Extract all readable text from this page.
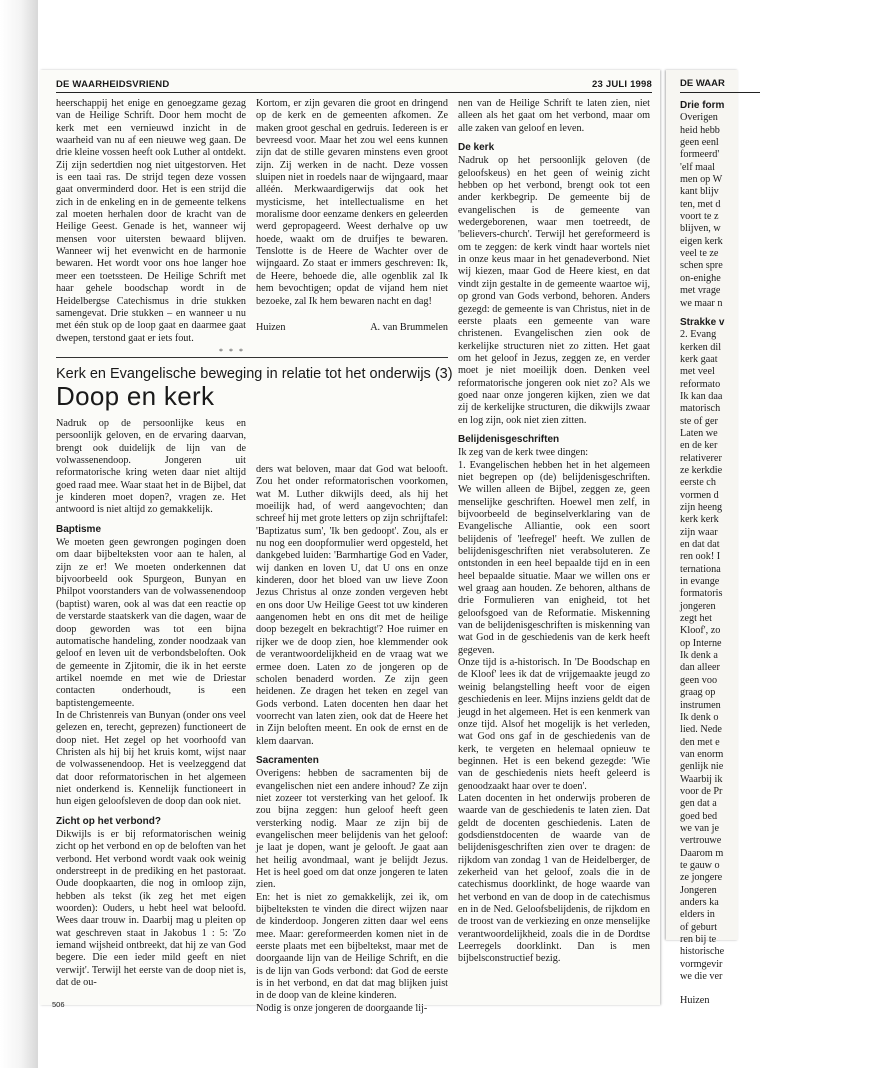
DE WAARHEIDSVRIEND	23 JULI 1998

heerschappij het enige en genoegzame gezag van de Heilige Schrift. Door hem mocht de kerk met een vernieuwd inzicht in de waarheid van nu af een nieuwe weg gaan. De drie kleine vossen heeft ook Luther al ontdekt. Zij zijn sedertdien nog niet uitgestorven. Het is een taai ras. De strijd tegen deze vossen gaat onverminderd door. Het is een strijd die zich in de enkeling en in de gemeente telkens zal moeten herhalen door de kracht van de Heilige Geest. Genade is het, wanneer wij mensen voor uitersten bewaard blijven. Wanneer wij het evenwicht en de harmonie bewaren. Het wordt voor ons hoe langer hoe meer een toetssteen. De Heilige Schrift met haar gehele boodschap wordt in de Heidelbergse Catechismus in drie stukken samengevat. Drie stukken – en wanneer u nu met één stuk op de loop gaat en daarmee gaat dwepen, terstond gaat er iets fout.

Kortom, er zijn gevaren die groot en dringend op de kerk en de gemeenten afkomen. Ze maken groot geschal en gedruis. Iedereen is er bevreesd voor. Maar het zou wel eens kunnen zijn dat de stille gevaren minstens even groot zijn. Zij werken in de nacht. Deze vossen sluipen niet in roedels naar de wijngaard, maar alléén. Merkwaardigerwijs dat ook het mysticisme, het intellectualisme en het moralisme door eenzame denkers en geleerden werd gepropageerd. Weest derhalve op uw hoede, waakt om de druifjes te bewaren. Tenslotte is de Heere de Wachter over de wijngaard. Zo staat er immers geschreven: Ik, de Heere, behoede die, alle ogenblik zal Ik hem bevochtigen; opdat de vijand hem niet bezoeke, zal Ik hem bewaren nacht en dag!

Huizen	A. van Brummelen
* * *
Kerk en Evangelische beweging in relatie tot het onderwijs (3)
Doop en kerk

Nadruk op de persoonlijke keus en persoonlijk geloven, en de ervaring daarvan, brengt ook duidelijk de lijn van de volwassenendoop. Jongeren uit reformatorische kring weten daar niet altijd goed raad mee. Waar staat het in de Bijbel, dat je kinderen moet dopen?, vragen ze. Het antwoord is niet altijd zo gemakkelijk.

Baptisme

We moeten geen gewrongen pogingen doen om daar bijbelteksten voor aan te halen, al zijn ze er! We moeten onderkennen dat bijvoorbeeld ook Spurgeon, Bunyan en Philpot voorstanders van de volwassenendoop (baptist) waren, ook al was dat een reactie op de verstarde staatskerk van die dagen, waar de doop geworden was tot een bijna automatische handeling, zonder noodzaak van geloof en leven uit de verbondsbeloften. Ook de gemeente in Zjitomir, die ik in het eerste artikel noemde en met wie de Driestar contacten onderhoudt, is een baptistengemeente.

In de Christenreis van Bunyan (onder ons veel gelezen en, terecht, geprezen) functioneert de doop niet. Het zegel op het voorhoofd van Christen als hij bij het kruis komt, wijst naar de volwassenendoop. Het is veelzeggend dat dat door reformatorischen in het algemeen niet onderkend is. Kennelijk functioneert in hun eigen geloofsleven de doop dan ook niet.

Zicht op het verbond?

Dikwijls is er bij reformatorischen weinig zicht op het verbond en op de beloften van het verbond. Het verbond wordt vaak ook weinig onderstreept in de prediking en het pastoraat. Oude doopkaarten, die nog in omloop zijn, hebben als tekst (ik zeg het met eigen woorden): Ouders, u hebt heel wat beloofd. Wees daar trouw in. Daarbij mag u pleiten op wat geschreven staat in Jakobus 1 : 5: 'Zo iemand wijsheid ontbreekt, dat hij ze van God begere. Die een ieder mild geeft en niet verwijt'. Terwijl het eerste van de doop niet is, dat de ou-

ders wat beloven, maar dat God wat belooft. Zou het onder reformatorischen voorkomen, wat M. Luther dikwijls deed, als hij het moeilijk had, of werd aangevochten; dan schreef hij met grote letters op zijn schrijftafel: 'Baptizatus sum', 'Ik ben gedoopt'. Zou, als er nu nog een doopformulier werd opgesteld, het dankgebed luiden: 'Barmhartige God en Vader, wij danken en loven U, dat U ons en onze kinderen, door het bloed van uw lieve Zoon Jezus Christus al onze zonden vergeven hebt en ons door Uw Heilige Geest tot uw kinderen aangenomen hebt en ons dit met de heilige doop bezegelt en bekrachtigt'? Hoe ruimer en rijker we de doop zien, hoe klemmender ook de verantwoordelijkheid en de vraag wat we ermee doen. Laten zo de jongeren op de scholen benaderd worden. Ze zijn geen heidenen. Ze dragen het teken en zegel van Gods verbond. Laten docenten hen daar het voorrecht van laten zien, ook dat de Heere het in Zijn beloften meent. En ook de ernst en de klem daarvan.

Sacramenten

Overigens: hebben de sacramenten bij de evangelischen niet een andere inhoud? Ze zijn niet zozeer tot versterking van het geloof. Ik zou bijna zeggen: hun geloof heeft geen versterking nodig. Maar ze zijn bij de evangelischen meer belijdenis van het geloof: je laat je dopen, want je gelooft. Je gaat aan het heilig avondmaal, want je belijdt Jezus. Het is heel goed om dat onze jongeren te laten zien.

En: het is niet zo gemakkelijk, zei ik, om bijbelteksten te vinden die direct wijzen naar de kinderdoop. Jongeren zitten daar wel eens mee. Maar: gereformeerden komen niet in de eerste plaats met een bijbeltekst, maar met de doorgaande lijn van de Heilige Schrift, en die is de lijn van Gods verbond: dat God de eerste is in het verbond, en dat dat mag blijken juist in de doop van de kleine kinderen.

Nodig is onze jongeren de doorgaande lij-

nen van de Heilige Schrift te laten zien, niet alleen als het gaat om het verbond, maar om alle zaken van geloof en leven.

De kerk

Nadruk op het persoonlijk geloven (de geloofskeus) en het geen of weinig zicht hebben op het verbond, brengt ook tot een ander kerkbegrip. De gemeente bij de evangelischen is de gemeente van wedergeborenen, waar men toetreedt, de 'believers-church'. Terwijl het gereformeerd is om te zeggen: de kerk vindt haar wortels niet in onze keus maar in het genadeverbond. Niet wij kiezen, maar God de Heere kiest, en dat vindt zijn gestalte in de gemeente waartoe wij, op grond van Gods verbond, behoren. Anders gezegd: de gemeente is van Christus, niet in de eerste plaats een gemeente van ware christenen. Evangelischen zien ook de kerkelijke structuren niet zo zitten. Het gaat om het geloof in Jezus, zeggen ze, en verder moet je niet moeilijk doen. Denken veel reformatorische jongeren ook niet zo? Als we goed naar onze jongeren kijken, zien we dat zij de kerkelijke structuren, die dikwijls zwaar en log zijn, ook niet zien zitten.

Belijdenisgeschriften

Ik zeg van de kerk twee dingen:

1. Evangelischen hebben het in het algemeen niet begrepen op (de) belijdenisgeschriften. We willen alleen de Bijbel, zeggen ze, geen menselijke geschriften. Hoewel men zelf, in bijvoorbeeld de beginselverklaring van de Evangelische Alliantie, ook een soort belijdenis of 'leefregel' heeft. We zullen de belijdenisgeschriften niet verabsoluteren. Ze ontstonden in een heel bepaalde tijd en in een heel bepaalde situatie. Maar we willen ons er wel graag aan houden. Ze behoren, althans de drie Formulieren van enigheid, tot het geloofsgoed van de Reformatie. Miskenning van de belijdenisgeschriften is miskenning van wat God in de geschiedenis van de kerk heeft gegeven.

Onze tijd is a-historisch. In 'De Boodschap en de Kloof' lees ik dat de vrijgemaakte jeugd zo weinig belangstelling heeft voor de eigen geschiedenis en leer. Mijns inziens geldt dat de jeugd in het algemeen. Het is een kenmerk van onze tijd. Alsof het mogelijk is het verleden, wat God ons gaf in de geschiedenis van de kerk, te vergeten en helemaal opnieuw te beginnen. Het is een bekend gezegde: 'Wie van de geschiedenis niets heeft geleerd is genoodzaakt haar over te doen'.

Laten docenten in het onderwijs proberen de waarde van de geschiedenis te laten zien. Dat geldt de docenten geschiedenis. Laten de godsdienstdocenten de waarde van de belijdenisgeschriften zien over te dragen: de rijkdom van zondag 1 van de Heidelberger, de zekerheid van het geloof, zoals die in de catechismus doorklinkt, de hoge waarde van het verbond en van de doop in de catechismus en in de Ned. Geloofsbelijdenis, de rijkdom en de troost van de verkiezing en onze menselijke verantwoordelijkheid, zoals die in de Dordtse Leerregels doorklinkt. Dan is men bijbelsconstructief bezig.

506
DE WAAR
Drie form

Overigen

heid hebb

geen eenl

formeerd'

'elf maal

men op W

kant blijv

ten, met d

voort te z

blijven, w

eigen kerk

veel te ze

schen spre

on-enighe

met vrage

we maar n

Strakke v

2. Evang

kerken dil

kerk gaat

met veel

reformato

Ik kan daa

matorisch

ste of ger

Laten we

en de ker

relativerer

ze kerkdie

eerste ch

vormen d

zijn heeng

kerk kerk

zijn waar

en dat dat

ren ook! I

ternationa

in evange

formatoris

jongeren

zegt het

Kloof', zo

op Interne

Ik denk a

dan alleer

geen voo

graag op

instrumen

Ik denk o

lied. Nede

den met e

van enorm

genlijk nie

Waarbij ik

voor de Pr

gen dat a

goed bed

we van je

vertrouwe

Daarom m

te gauw o

ze jongere

Jongeren

anders ka

elders in

of geburt

ren bij te

historische

vormgevir

we die ver

Huizen
